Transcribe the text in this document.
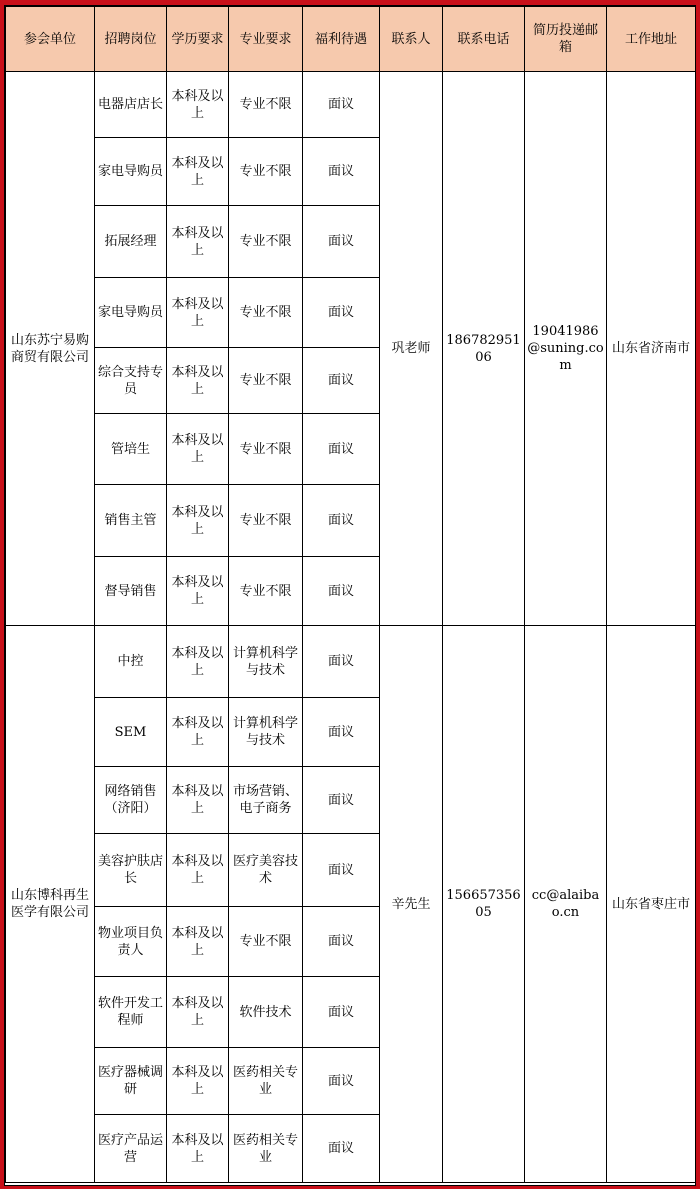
参会单位	招聘岗位	学历要求	专业要求	福利待遇	联系人	联系电话	简历投递邮箱	工作地址
山东苏宁易购商贸有限公司	电器店店长	本科及以上	专业不限	面议	巩老师	18678295106	19041986@suning.com	山东省济南市
	家电导购员	本科及以上	专业不限	面议				
	拓展经理	本科及以上	专业不限	面议				
	家电导购员	本科及以上	专业不限	面议				
	综合支持专员	本科及以上	专业不限	面议				
	管培生	本科及以上	专业不限	面议				
	销售主管	本科及以上	专业不限	面议				
	督导销售	本科及以上	专业不限	面议				
山东博科再生医学有限公司	中控	本科及以上	计算机科学与技术	面议	辛先生	15665735605	cc@alaibao.cn	山东省枣庄市
	SEM	本科及以上	计算机科学与技术	面议				
	网络销售（济阳）	本科及以上	市场营销、电子商务	面议				
	美容护肤店长	本科及以上	医疗美容技术	面议				
	物业项目负责人	本科及以上	专业不限	面议				
	软件开发工程师	本科及以上	软件技术	面议				
	医疗器械调研	本科及以上	医药相关专业	面议				
	医疗产品运营	本科及以上	医药相关专业	面议				
